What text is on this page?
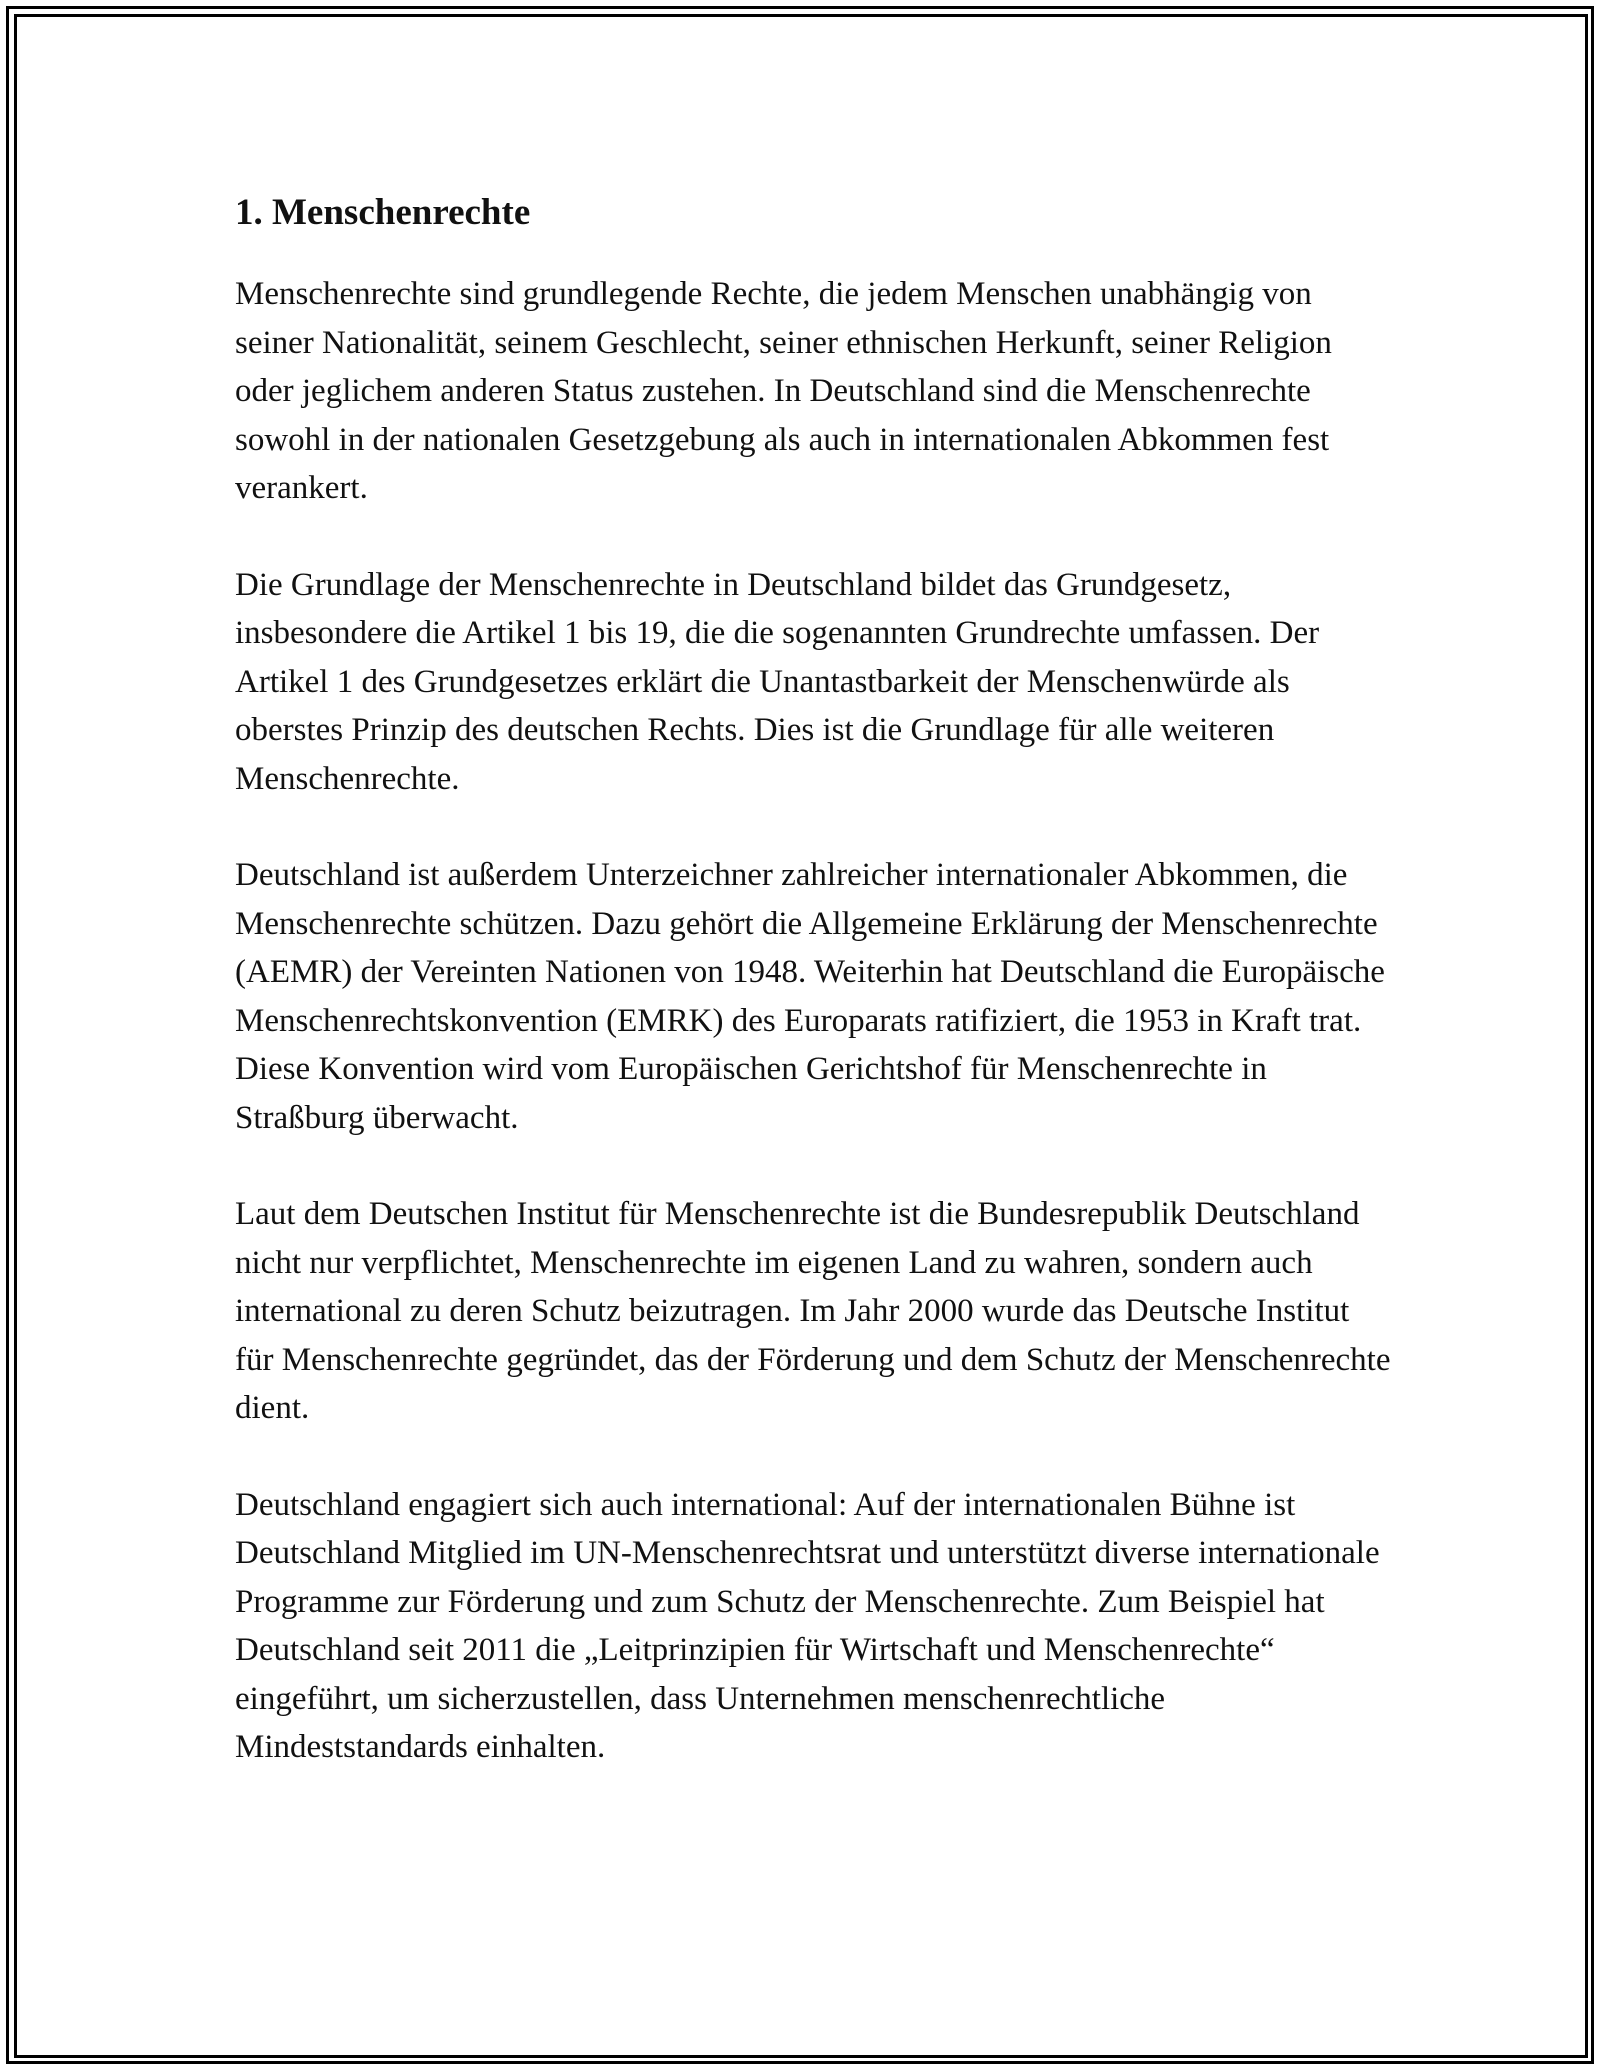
1. Menschenrechte

Menschenrechte sind grundlegende Rechte, die jedem Menschen unabhängig von seiner Nationalität, seinem Geschlecht, seiner ethnischen Herkunft, seiner Religion oder jeglichem anderen Status zustehen. In Deutschland sind die Menschenrechte sowohl in der nationalen Gesetzgebung als auch in internationalen Abkommen fest verankert.

Die Grundlage der Menschenrechte in Deutschland bildet das Grundgesetz, insbesondere die Artikel 1 bis 19, die die sogenannten Grundrechte umfassen. Der Artikel 1 des Grundgesetzes erklärt die Unantastbarkeit der Menschenwürde als oberstes Prinzip des deutschen Rechts. Dies ist die Grundlage für alle weiteren Menschenrechte.

Deutschland ist außerdem Unterzeichner zahlreicher internationaler Abkommen, die Menschenrechte schützen. Dazu gehört die Allgemeine Erklärung der Menschenrechte (AEMR) der Vereinten Nationen von 1948. Weiterhin hat Deutschland die Europäische Menschenrechtskonvention (EMRK) des Europarats ratifiziert, die 1953 in Kraft trat. Diese Konvention wird vom Europäischen Gerichtshof für Menschenrechte in Straßburg überwacht.

Laut dem Deutschen Institut für Menschenrechte ist die Bundesrepublik Deutschland nicht nur verpflichtet, Menschenrechte im eigenen Land zu wahren, sondern auch international zu deren Schutz beizutragen. Im Jahr 2000 wurde das Deutsche Institut für Menschenrechte gegründet, das der Förderung und dem Schutz der Menschenrechte dient.

Deutschland engagiert sich auch international: Auf der internationalen Bühne ist Deutschland Mitglied im UN-Menschenrechtsrat und unterstützt diverse internationale Programme zur Förderung und zum Schutz der Menschenrechte. Zum Beispiel hat Deutschland seit 2011 die „Leitprinzipien für Wirtschaft und Menschenrechte“ eingeführt, um sicherzustellen, dass Unternehmen menschenrechtliche Mindeststandards einhalten.
